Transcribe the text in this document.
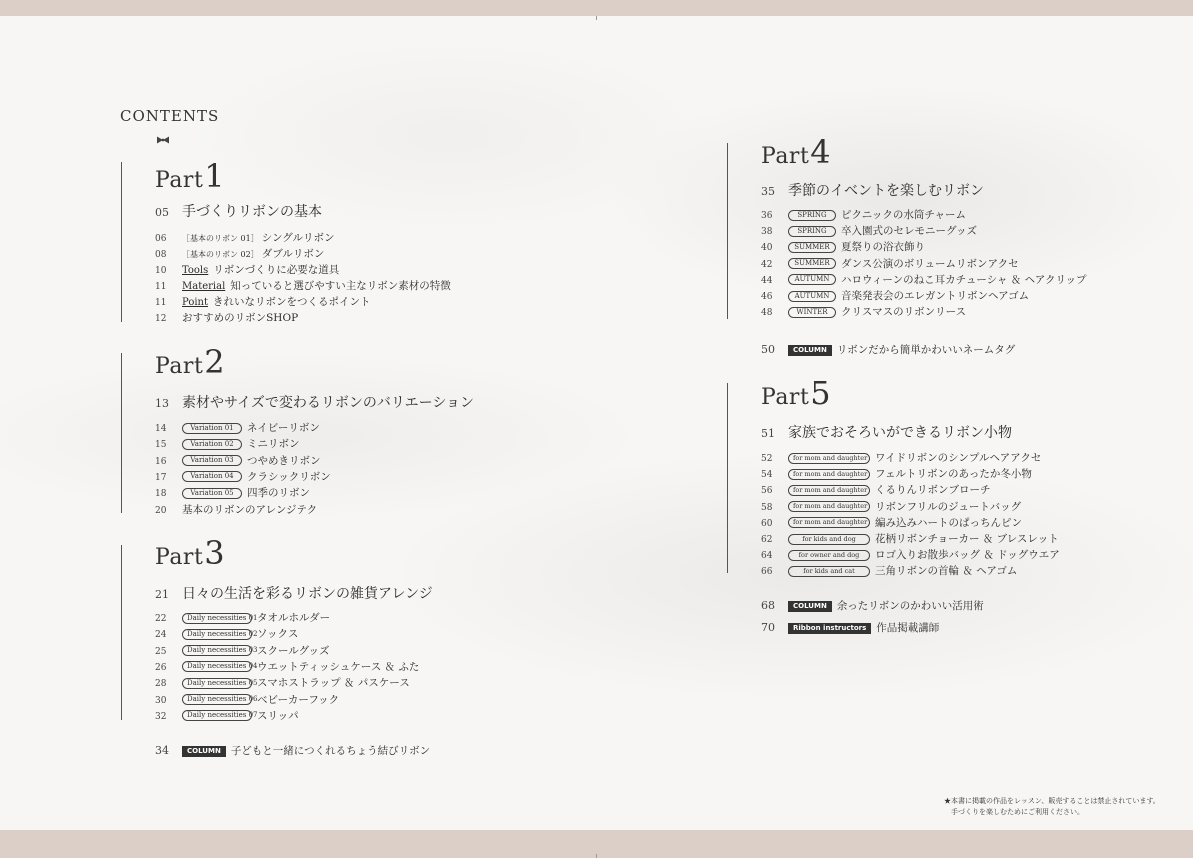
CONTENTS
Part1
05 手づくりリボンの基本
06 ［基本のリボン 01］ シングルリボン
08 ［基本のリボン 02］ ダブルリボン
10 Tools リボンづくりに必要な道具
11 Material 知っていると選びやすい主なリボン素材の特徴
11 Point きれいなリボンをつくるポイント
12 おすすめのリボンSHOP
Part2
13 素材やサイズで変わるリボンのバリエーション
14	Variation 01 ネイビーリボン
15	Variation 02 ミニリボン
16	Variation 03 つやめきリボン
17	Variation 04 クラシックリボン
18	Variation 05 四季のリボン
20 基本のリボンのアレンジテク
Part3
21 日々の生活を彩るリボンの雑貨アレンジ
22	Daily necessities 01タオルホルダー
24	Daily necessities 02ソックス
25	Daily necessities 03スクールグッズ
26	Daily necessities 04ウエットティッシュケース ＆ ふた
28	Daily necessities 05スマホストラップ ＆ パスケース
30	Daily necessities 06ベビーカーフック
32	Daily necessities 07スリッパ
34	COLUMN 子どもと一緒につくれるちょう結びリボン
Part4
35 季節のイベントを楽しむリボン
36	SPRING ピクニックの水筒チャーム
38	SPRING 卒入園式のセレモニーグッズ
40	SUMMER 夏祭りの浴衣飾り
42	SUMMER ダンス公演のボリュームリボンアクセ
44	AUTUMN ハロウィーンのねこ耳カチューシャ ＆ ヘアクリップ
46	AUTUMN 音楽発表会のエレガントリボンヘアゴム
48	WINTER クリスマスのリボンリース
50	COLUMN リボンだから簡単かわいいネームタグ
Part5
51 家族でおそろいができるリボン小物
52	for mom and daughter ワイドリボンのシンプルヘアアクセ
54	for mom and daughter フェルトリボンのあったか冬小物
56	for mom and daughter くるりんリボンブローチ
58	for mom and daughter リボンフリルのジュートバッグ
60	for mom and daughter 編み込みハートのぱっちんピン
62	for kids and dog 花柄リボンチョーカー ＆ ブレスレット
64	for owner and dog ロゴ入りお散歩バッグ ＆ ドッグウエア
66	for kids and cat 三角リボンの首輪 ＆ ヘアゴム
68	COLUMN 余ったリボンのかわいい活用術
70	Ribbon instructors 作品掲載講師
★本書に掲載の作品をレッスン、販売することは禁止されています。
手づくりを楽しむためにご利用ください。
